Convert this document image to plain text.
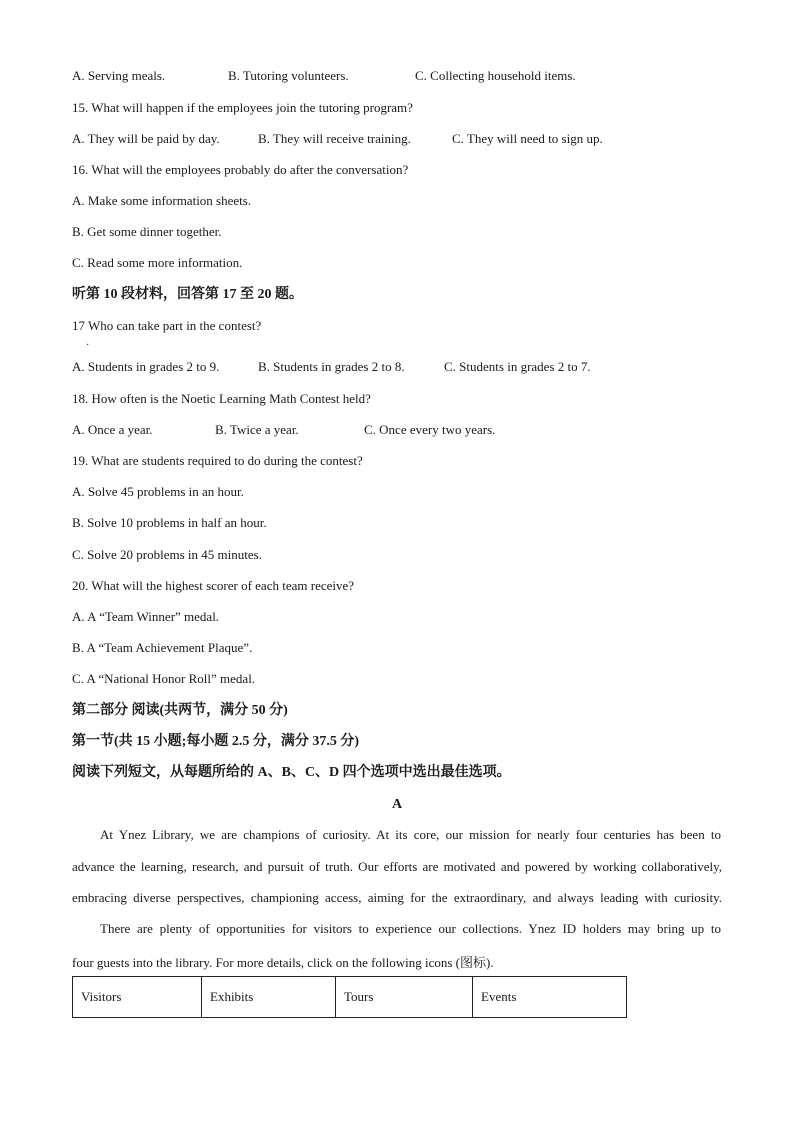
A. Serving meals.	B. Tutoring volunteers.	C. Collecting household items.
15. What will happen if the employees join the tutoring program?
A. They will be paid by day.	B. They will receive training.	C. They will need to sign up.
16. What will the employees probably do after the conversation?
A. Make some information sheets.
B. Get some dinner together.
C. Read some more information.
听第 10 段材料，回答第 17 至 20 题。
17 Who can take part in the contest?
·
A. Students in grades 2 to 9.	B. Students in grades 2 to 8.	C. Students in grades 2 to 7.
18. How often is the Noetic Learning Math Contest held?
A. Once a year.	B. Twice a year.	C. Once every two years.
19. What are students required to do during the contest?
A. Solve 45 problems in an hour.
B. Solve 10 problems in half an hour.
C. Solve 20 problems in 45 minutes.
20. What will the highest scorer of each team receive?
A. A “Team Winner” medal.
B. A “Team Achievement Plaque”.
C. A “National Honor Roll” medal.
第二部分 阅读(共两节，满分 50 分)
第一节(共 15 小题;每小题 2.5 分，满分 37.5 分)
阅读下列短文，从每题所给的 A、B、C、D 四个选项中选出最佳选项。
A
At Ynez Library, we are champions of curiosity. At its core, our mission for nearly four centuries has been to
advance the learning, research, and pursuit of truth. Our efforts are motivated and powered by working collaboratively,
embracing diverse perspectives, championing access, aiming for the extraordinary, and always leading with curiosity.
There are plenty of opportunities for visitors to experience our collections. Ynez ID holders may bring up to
four guests into the library. For more details, click on the following icons (图标).
Visitors	Exhibits	Tours	Events
